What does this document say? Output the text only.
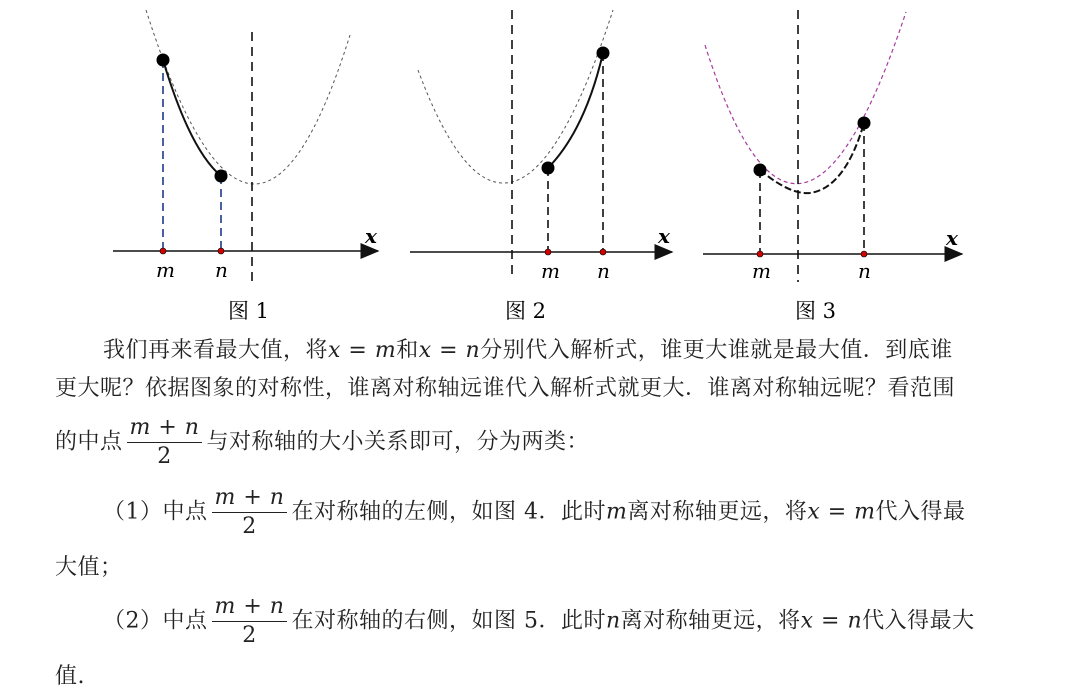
x
m n
图 1
x
m n
图 2
x
m	n
图 3
我们再来看最大值，将x = m和x = n分别代入解析式，谁更大谁就是最大值．到底谁
更大呢？依据图象的对称性，谁离对称轴远谁代入解析式就更大．谁离对称轴远呢？看范围
的中点 $\frac{m + n}{2}$ 与对称轴的大小关系即可，分为两类：
（1）中点 $\frac{m + n}{2}$ 在对称轴的左侧，如图 4．此时m离对称轴更远，将x = m代入得最
大值；
（2）中点 $\frac{m + n}{2}$ 在对称轴的右侧，如图 5．此时n离对称轴更远，将x = n代入得最大
值.
